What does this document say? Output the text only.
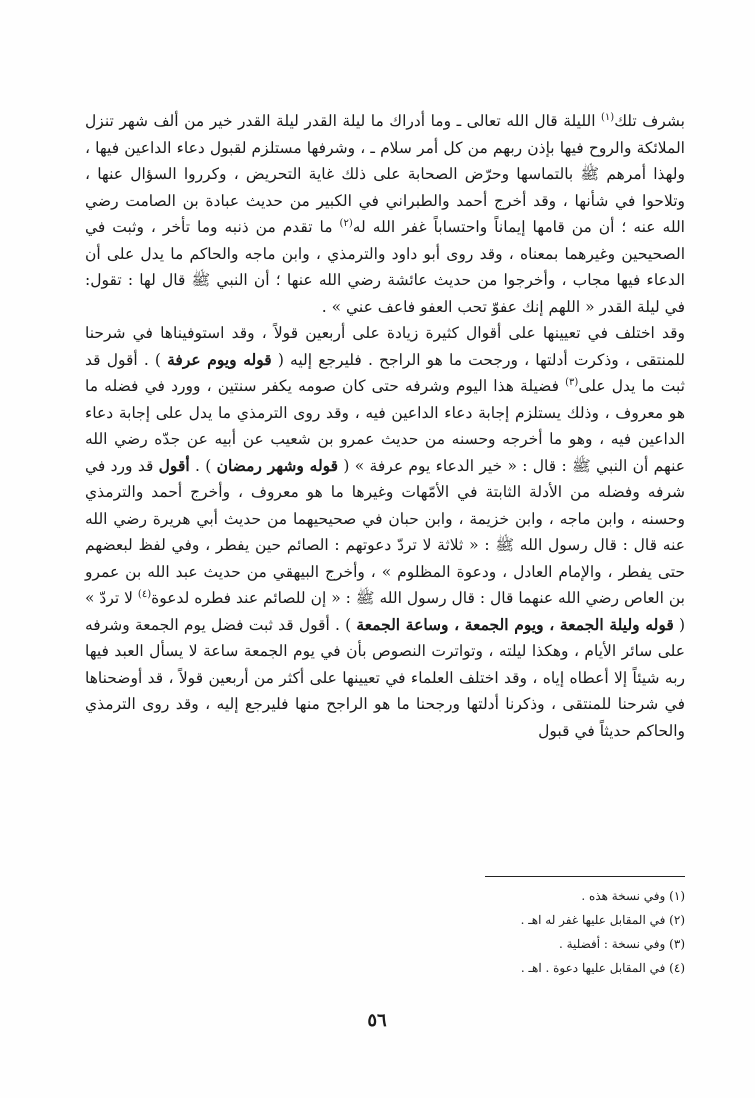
بشرف تلك$^{(١)}$ الليلة قال الله تعالى ـ وما أدراك ما ليلة القدر ليلة القدر خير من ألف شهر تنزل الملائكة والروح فيها بإذن ربهم من كل أمر سلام ـ ، وشرفها مستلزم لقبول دعاء الداعين فيها ، ولهذا أمرهم ﷺ بالتماسها وحرّض الصحابة على ذلك غاية التحريض ، وكرروا السؤال عنها ، وتلاحوا في شأنها ، وقد أخرج أحمد والطبراني في الكبير من حديث عبادة بن الصامت رضي الله عنه ؛ أن من قامها إيماناً واحتساباً غفر الله له$^{(٢)}$ ما تقدم من ذنبه وما تأخر ، وثبت في الصحيحين وغيرهما بمعناه ، وقد روى أبو داود والترمذي ، وابن ماجه والحاكم ما يدل على أن الدعاء فيها مجاب ، وأخرجوا من حديث عائشة رضي الله عنها ؛ أن النبي ﷺ قال لها : تقول: في ليلة القدر « اللهم إنك عفوّ تحب العفو فاعف عني » .

وقد اختلف في تعيينها على أقوال كثيرة زيادة على أربعين قولاً ، وقد استوفيناها في شرحنا للمنتقى ، وذكرت أدلتها ، ورجحت ما هو الراجح . فليرجع إليه ( قوله ويوم عرفة ) . أقول قد ثبت ما يدل على$^{(٣)}$ فضيلة هذا اليوم وشرفه حتى كان صومه يكفر سنتين ، وورد في فضله ما هو معروف ، وذلك يستلزم إجابة دعاء الداعين فيه ، وقد روى الترمذي ما يدل على إجابة دعاء الداعين فيه ، وهو ما أخرجه وحسنه من حديث عمرو بن شعيب عن أبيه عن جدّه رضي الله عنهم أن النبي ﷺ : قال : « خير الدعاء يوم عرفة » ( قوله وشهر رمضان ) . أقول قد ورد في شرفه وفضله من الأدلة الثابتة في الأمّهات وغيرها ما هو معروف ، وأخرج أحمد والترمذي وحسنه ، وابن ماجه ، وابن خزيمة ، وابن حبان في صحيحيهما من حديث أبي هريرة رضي الله عنه قال : قال رسول الله ﷺ : « ثلاثة لا تردّ دعوتهم : الصائم حين يفطر ، وفي لفظ لبعضهم حتى يفطر ، والإمام العادل ، ودعوة المظلوم » ، وأخرج البيهقي من حديث عبد الله بن عمرو بن العاص رضي الله عنهما قال : قال رسول الله ﷺ : « إن للصائم عند فطره لدعوة$^{(٤)}$ لا تردّ » ( قوله وليلة الجمعة ، ويوم الجمعة ، وساعة الجمعة ) . أقول قد ثبت فضل يوم الجمعة وشرفه على سائر الأيام ، وهكذا ليلته ، وتواترت النصوص بأن في يوم الجمعة ساعة لا يسأل العبد فيها ربه شيئاً إلا أعطاه إياه ، وقد اختلف العلماء في تعيينها على أكثر من أربعين قولاً ، قد أوضحناها في شرحنا للمنتقى ، وذكرنا أدلتها ورجحنا ما هو الراجح منها فليرجع إليه ، وقد روى الترمذي والحاكم حديثاً في قبول

(١) وفي نسخة هذه .
(٢) في المقابل عليها غفر له اهـ .
(٣) وفي نسخة : أفضلية .
(٤) في المقابل عليها دعوة . اهـ .
٥٦
